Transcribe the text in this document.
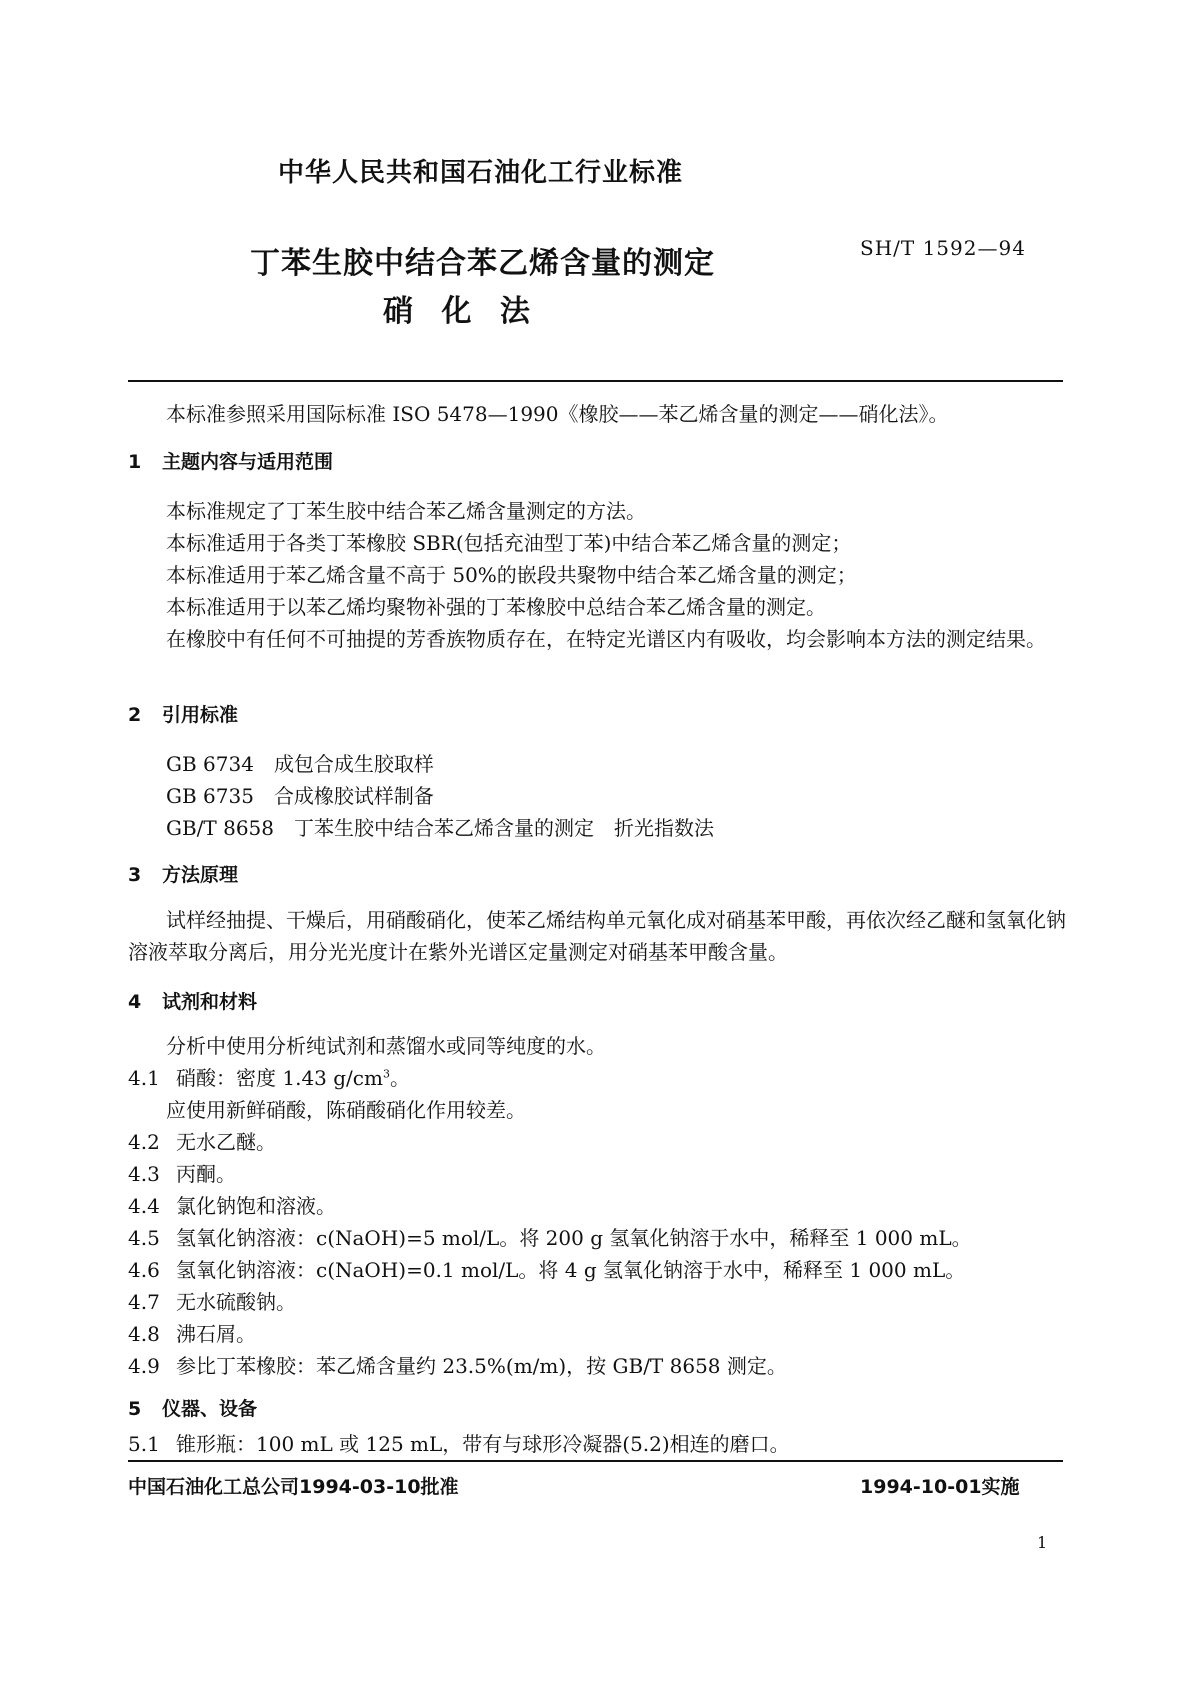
中华人民共和国石油化工行业标准
丁苯生胶中结合苯乙烯含量的测定
硝 化 法
SH/T 1592—94
本标准参照采用国际标准 ISO 5478—1990《橡胶——苯乙烯含量的测定——硝化法》。
1 主题内容与适用范围
本标准规定了丁苯生胶中结合苯乙烯含量测定的方法。
本标准适用于各类丁苯橡胶 SBR(包括充油型丁苯)中结合苯乙烯含量的测定；
本标准适用于苯乙烯含量不高于 50%的嵌段共聚物中结合苯乙烯含量的测定；
本标准适用于以苯乙烯均聚物补强的丁苯橡胶中总结合苯乙烯含量的测定。
在橡胶中有任何不可抽提的芳香族物质存在，在特定光谱区内有吸收，均会影响本方法的测定结果。
2 引用标准
GB 6734　 成包合成生胶取样
GB 6735　 合成橡胶试样制备
GB/T 8658　 丁苯生胶中结合苯乙烯含量的测定　折光指数法
3 方法原理
试样经抽提、干燥后，用硝酸硝化，使苯乙烯结构单元氧化成对硝基苯甲酸，再依次经乙醚和氢氧化钠溶液萃取分离后，用分光光度计在紫外光谱区定量测定对硝基苯甲酸含量。
4 试剂和材料
分析中使用分析纯试剂和蒸馏水或同等纯度的水。
4.1 硝酸：密度 1.43 $g/cm^3$。
应使用新鲜硝酸，陈硝酸硝化作用较差。
4.2 无水乙醚。
4.3 丙酮。
4.4 氯化钠饱和溶液。
4.5 氢氧化钠溶液：c(NaOH)=5 mol/L。将 200 g 氢氧化钠溶于水中，稀释至 1 000 mL。
4.6 氢氧化钠溶液：c(NaOH)=0.1 mol/L。将 4 g 氢氧化钠溶于水中，稀释至 1 000 mL。
4.7 无水硫酸钠。
4.8 沸石屑。
4.9 参比丁苯橡胶：苯乙烯含量约 23.5%(m/m)，按 GB/T 8658 测定。
5 仪器、设备
5.1 锥形瓶：100 mL 或 125 mL，带有与球形冷凝器(5.2)相连的磨口。
中国石油化工总公司1994-03-10批准	1994-10-01实施
1
